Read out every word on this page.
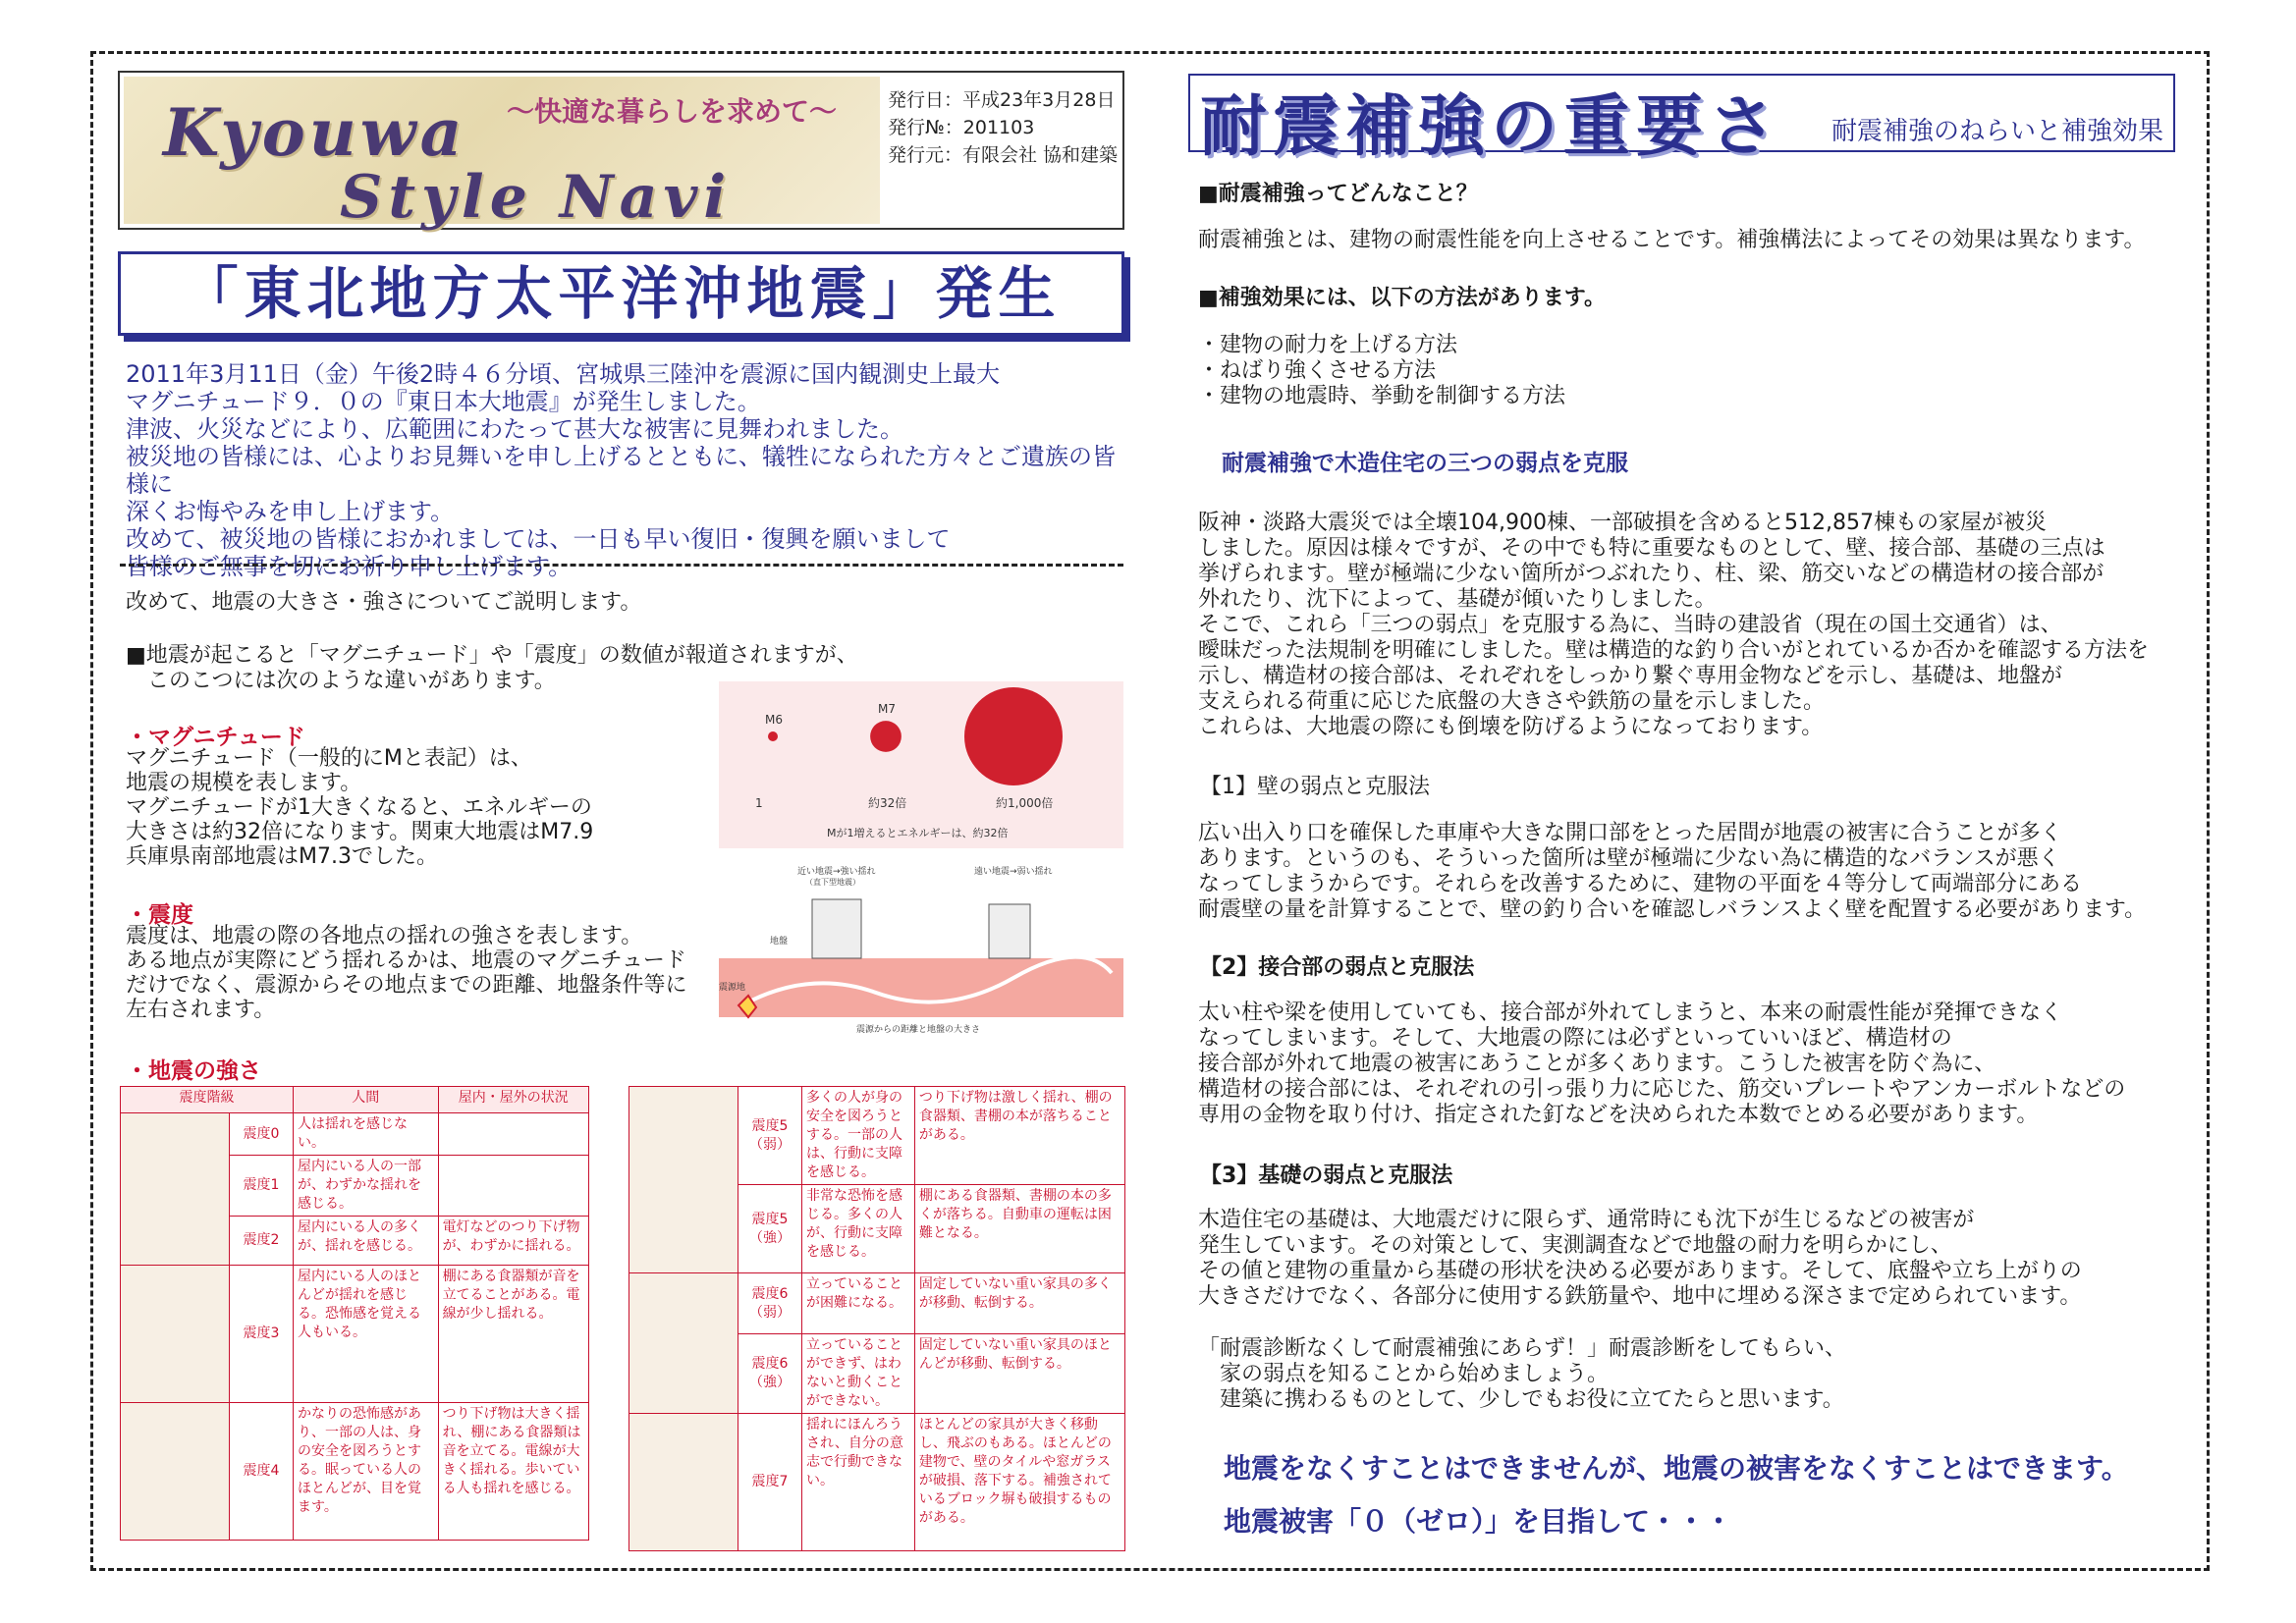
Kyouwa
Style Navi
～快適な暮らしを求めて～	発行日：平成23年3月28日
発行№：201103
発行元：有限会社 協和建築
「東北地方太平洋沖地震」発生
2011年3月11日（金）午後2時４６分頃、宮城県三陸沖を震源に国内観測史上最大
マグニチュード９．０の『東日本大地震』が発生しました。
津波、火災などにより、広範囲にわたって甚大な被害に見舞われました。
被災地の皆様には、心よりお見舞いを申し上げるとともに、犠牲になられた方々とご遺族の皆様に
深くお悔やみを申し上げます。
改めて、被災地の皆様におかれましては、一日も早い復旧・復興を願いまして
皆様のご無事を切にお祈り申し上げます。
改めて、地震の大きさ・強さについてご説明します。
■地震が起こると「マグニチュード」や「震度」の数値が報道されますが、
このこつには次のような違いがあります。
・マグニチュード
マグニチュード（一般的にMと表記）は、
地震の規模を表します。
マグニチュードが1大きくなると、エネルギーの
大きさは約32倍になります。関東大地震はM7.9
兵庫県南部地震はM7.3でした。
・震度
震度は、地震の際の各地点の揺れの強さを表します。
ある地点が実際にどう揺れるかは、地震のマグニチュード
だけでなく、震源からその地点までの距離、地盤条件等に
左右されます。
M6
1
M7
約32倍	約1,000倍
Mが1増えるとエネルギーは、約32倍
近い地震→強い揺れ
（直下型地震）
遠い地震→弱い揺れ
地盤
震源地
震源からの距離と地盤の大きさ
・地震の強さ
震度階級		人間	屋内・屋外の状況
	震度0	人は揺れを感じない。	
	震度1	屋内にいる人の一部が、わずかな揺れを感じる。	
	震度2	屋内にいる人の多くが、揺れを感じる。	電灯などのつり下げ物が、わずかに揺れる。
	震度3	屋内にいる人のほとんどが揺れを感じる。恐怖感を覚える人もいる。	棚にある食器類が音を立てることがある。電線が少し揺れる。
	震度4	かなりの恐怖感があり、一部の人は、身の安全を図ろうとする。眠っている人のほとんどが、目を覚ます。	つり下げ物は大きく揺れ、棚にある食器類は音を立てる。電線が大きく揺れる。歩いている人も揺れを感じる。
	震度5（弱）	多くの人が身の安全を図ろうとする。一部の人は、行動に支障を感じる。	つり下げ物は激しく揺れ、棚の食器類、書棚の本が落ちることがある。
	震度5（強）	非常な恐怖を感じる。多くの人が、行動に支障を感じる。	棚にある食器類、書棚の本の多くが落ちる。自動車の運転は困難となる。
	震度6（弱）	立っていることが困難になる。	固定していない重い家具の多くが移動、転倒する。
	震度6（強）	立っていることができず、はわないと動くことができない。	固定していない重い家具のほとんどが移動、転倒する。
	震度7	揺れにほんろうされ、自分の意志で行動できない。	ほとんどの家具が大きく移動し、飛ぶのもある。ほとんどの建物で、壁のタイルや窓ガラスが破損、落下する。補強されているブロック塀も破損するものがある。
耐震補強の重要さ 耐震補強のねらいと補強効果
■耐震補強ってどんなこと？
耐震補強とは、建物の耐震性能を向上させることです。補強構法によってその効果は異なります。
■補強効果には、以下の方法があります。
・建物の耐力を上げる方法
・ねばり強くさせる方法
・建物の地震時、挙動を制御する方法
耐震補強で木造住宅の三つの弱点を克服
阪神・淡路大震災では全壊104,900棟、一部破損を含めると512,857棟もの家屋が被災
しました。原因は様々ですが、その中でも特に重要なものとして、壁、接合部、基礎の三点は
挙げられます。壁が極端に少ない箇所がつぶれたり、柱、梁、筋交いなどの構造材の接合部が
外れたり、沈下によって、基礎が傾いたりしました。
そこで、これら「三つの弱点」を克服する為に、当時の建設省（現在の国土交通省）は、
曖昧だった法規制を明確にしました。壁は構造的な釣り合いがとれているか否かを確認する方法を
示し、構造材の接合部は、それぞれをしっかり繋ぐ専用金物などを示し、基礎は、地盤が
支えられる荷重に応じた底盤の大きさや鉄筋の量を示しました。
これらは、大地震の際にも倒壊を防げるようになっております。
【1】壁の弱点と克服法
広い出入り口を確保した車庫や大きな開口部をとった居間が地震の被害に合うことが多く
あります。というのも、そういった箇所は壁が極端に少ない為に構造的なバランスが悪く
なってしまうからです。それらを改善するために、建物の平面を４等分して両端部分にある
耐震壁の量を計算することで、壁の釣り合いを確認しバランスよく壁を配置する必要があります。
【2】接合部の弱点と克服法
太い柱や梁を使用していても、接合部が外れてしまうと、本来の耐震性能が発揮できなく
なってしまいます。そして、大地震の際には必ずといっていいほど、構造材の
接合部が外れて地震の被害にあうことが多くあります。こうした被害を防ぐ為に、
構造材の接合部には、それぞれの引っ張り力に応じた、筋交いプレートやアンカーボルトなどの
専用の金物を取り付け、指定された釘などを決められた本数でとめる必要があります。
【3】基礎の弱点と克服法
木造住宅の基礎は、大地震だけに限らず、通常時にも沈下が生じるなどの被害が
発生しています。その対策として、実測調査などで地盤の耐力を明らかにし、
その値と建物の重量から基礎の形状を決める必要があります。そして、底盤や立ち上がりの
大きさだけでなく、各部分に使用する鉄筋量や、地中に埋める深さまで定められています。
「耐震診断なくして耐震補強にあらず！」耐震診断をしてもらい、
家の弱点を知ることから始めましょう。
建築に携わるものとして、少しでもお役に立てたらと思います。
地震をなくすことはできませんが、地震の被害をなくすことはできます。
地震被害「０（ゼロ）」を目指して・・・
